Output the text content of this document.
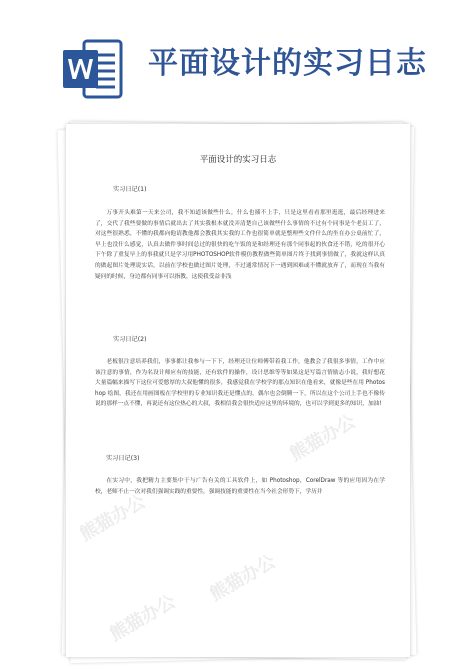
平面设计的实习日志
平面设计的实习日志
实习日记(1)
万事开头难第一天来公司，我不知道该做些什么，什么也插不上手，只是这里看看那里逛逛，最后经理进来了，交代了我些要做的事情后就出去了其实我根本就没弄清楚自己该做些什么事情的不过有个同事是个老员工了，对这些很熟悉，不懂的我都向他请教他都会教我其实我的工作也很简单就是整理些文件什么的坐在办公桌前忙了，早上也没什么感觉，认真去做件事时间总过的很快的吃午饭的是和经理还有那个同事起的伙食还不错，吃的很开心下午除了重复早上的事我就只是学习用PHOTOSHOP软件模仿教程做些简单图片终于找到事情做了，我就这样认真的做起图片处理说实话，以前在学校也做过图片处理，不过通常情况下一遇到困难或不懂就放弃了，而现在当我有疑问的时候，身边都有同事可以指教，这使我受益非浅
实习日记(2)
老板很注意培养我们，事事都让我参与一下下，经理还让位师傅带着我工作，他教会了我很多事情，工作中应该注意的事情，作为名设计师应有的技能，还有软件的操作，设计思维等等如果这是写篇言情励志小说，我好想花大量篇幅来描写下这位可爱憨厚的大叔他懂的很多，我感觉我在学校学的那点知识在他看来，就像是些在用 Photoshop 绘图，我还在用画图板在学校里的专业知识我还是懂点的，偶尔也会倒腾一下，所以在这个公司上手也不像传说的那样一点不懂，再说还有这位热心的大叔，我相信我会很快适应这里的环境的，也可以学到更多的知识，加油!
实习日记(3)
在实习中，我把精力主要集中于与广告有关的工具软件上，如 Photoshop，CorelDraw 等的应用因为在学校，老师不止一次对我们强调实践的重要性，强调技能的重要性在当今社会形势下，学历并
熊猫办公
熊猫办公
熊猫办公
熊猫办公
